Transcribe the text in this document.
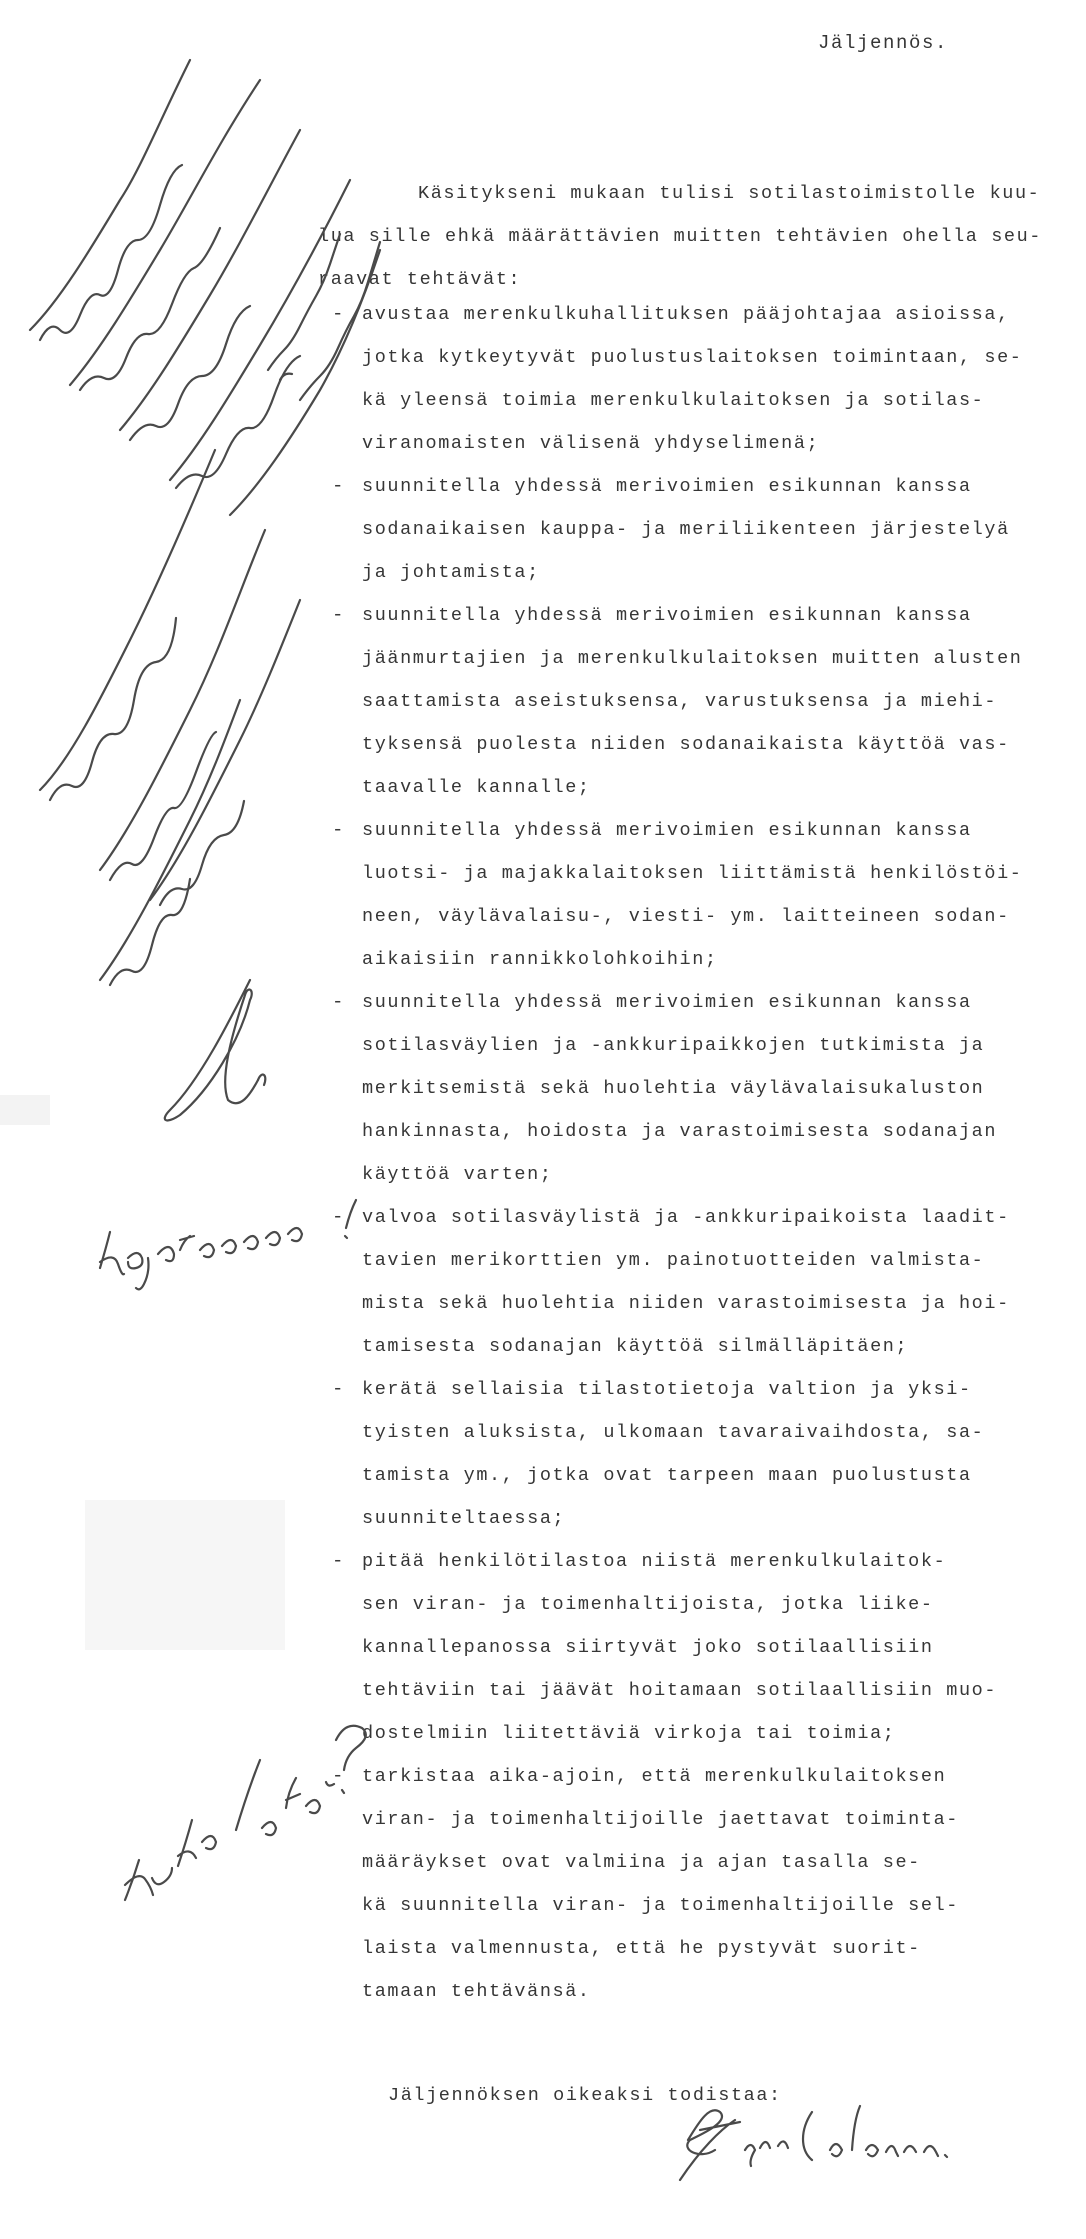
Jäljennös.
Käsitykseni mukaan tulisi sotilastoimistolle kuu-
lua sille ehkä määrättävien muitten tehtävien ohella seu-
raavat tehtävät:
-	avustaa merenkulkuhallituksen pääjohtajaa asioissa,
jotka kytkeytyvät puolustuslaitoksen toimintaan, se-
kä yleensä toimia merenkulkulaitoksen ja sotilas-
viranomaisten välisenä yhdyselimenä;
-	suunnitella yhdessä merivoimien esikunnan kanssa
sodanaikaisen kauppa- ja meriliikenteen järjestelyä
ja johtamista;
-	suunnitella yhdessä merivoimien esikunnan kanssa
jäänmurtajien ja merenkulkulaitoksen muitten alusten
saattamista aseistuksensa, varustuksensa ja miehi-
tyksensä puolesta niiden sodanaikaista käyttöä vas-
taavalle kannalle;
-	suunnitella yhdessä merivoimien esikunnan kanssa
luotsi- ja majakkalaitoksen liittämistä henkilöstöi-
neen, väylävalaisu-, viesti- ym. laitteineen sodan-
aikaisiin rannikkolohkoihin;
-	suunnitella yhdessä merivoimien esikunnan kanssa
sotilasväylien ja -ankkuripaikkojen tutkimista ja
merkitsemistä sekä huolehtia väylävalaisukaluston
hankinnasta, hoidosta ja varastoimisesta sodanajan
käyttöä varten;
-	valvoa sotilasväylistä ja -ankkuripaikoista laadit-
tavien merikorttien ym. painotuotteiden valmista-
mista sekä huolehtia niiden varastoimisesta ja hoi-
tamisesta sodanajan käyttöä silmälläpitäen;
-	kerätä sellaisia tilastotietoja valtion ja yksi-
tyisten aluksista, ulkomaan tavaraivaihdosta, sa-
tamista ym., jotka ovat tarpeen maan puolustusta
suunniteltaessa;
-	pitää henkilötilastoa niistä merenkulkulaitok-
sen viran- ja toimenhaltijoista, jotka liike-
kannallepanossa siirtyvät joko sotilaallisiin
tehtäviin tai jäävät hoitamaan sotilaallisiin muo-
dostelmiin liitettäviä virkoja tai toimia;
-	tarkistaa aika-ajoin, että merenkulkulaitoksen
viran- ja toimenhaltijoille jaettavat toiminta-
määräykset ovat valmiina ja ajan tasalla se-
kä suunnitella viran- ja toimenhaltijoille sel-
laista valmennusta, että he pystyvät suorit-
tamaan tehtävänsä.
Jäljennöksen oikeaksi todistaa:
